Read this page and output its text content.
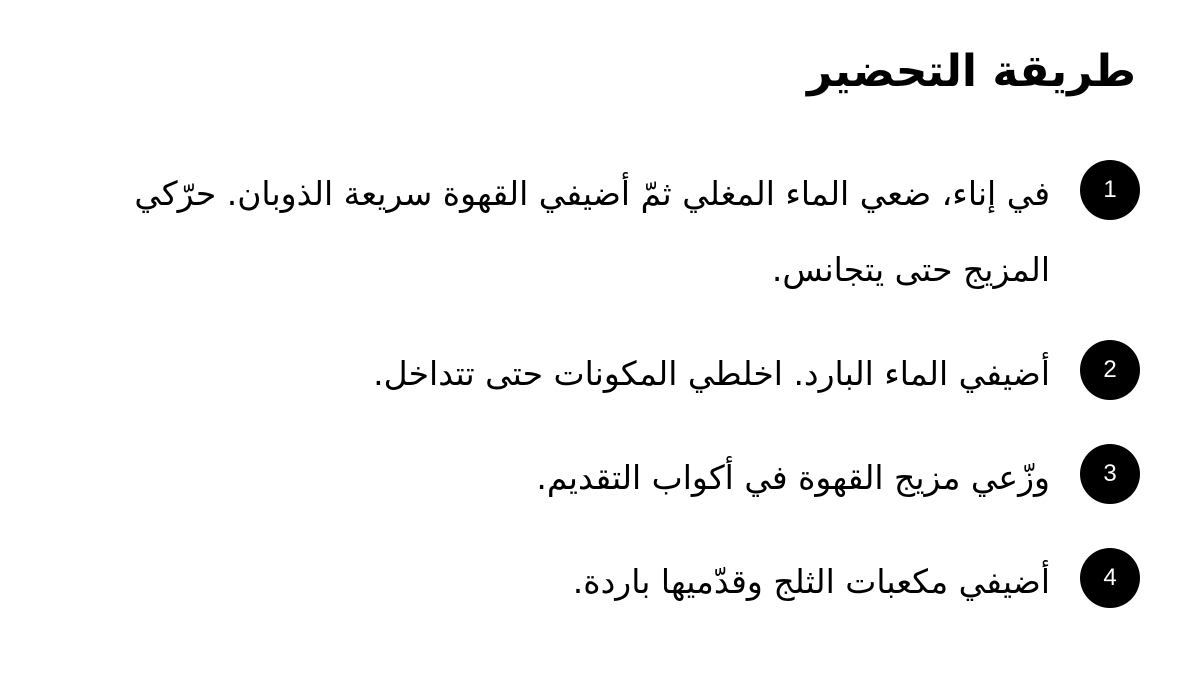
طريقة التحضير
1

في إناء، ضعي الماء المغلي ثمّ أضيفي القهوة سريعة الذوبان. حرّكي المزيج حتى يتجانس.

2

أضيفي الماء البارد. اخلطي المكونات حتى تتداخل.

3

وزّعي مزيج القهوة في أكواب التقديم.

4

أضيفي مكعبات الثلج وقدّميها باردة.
